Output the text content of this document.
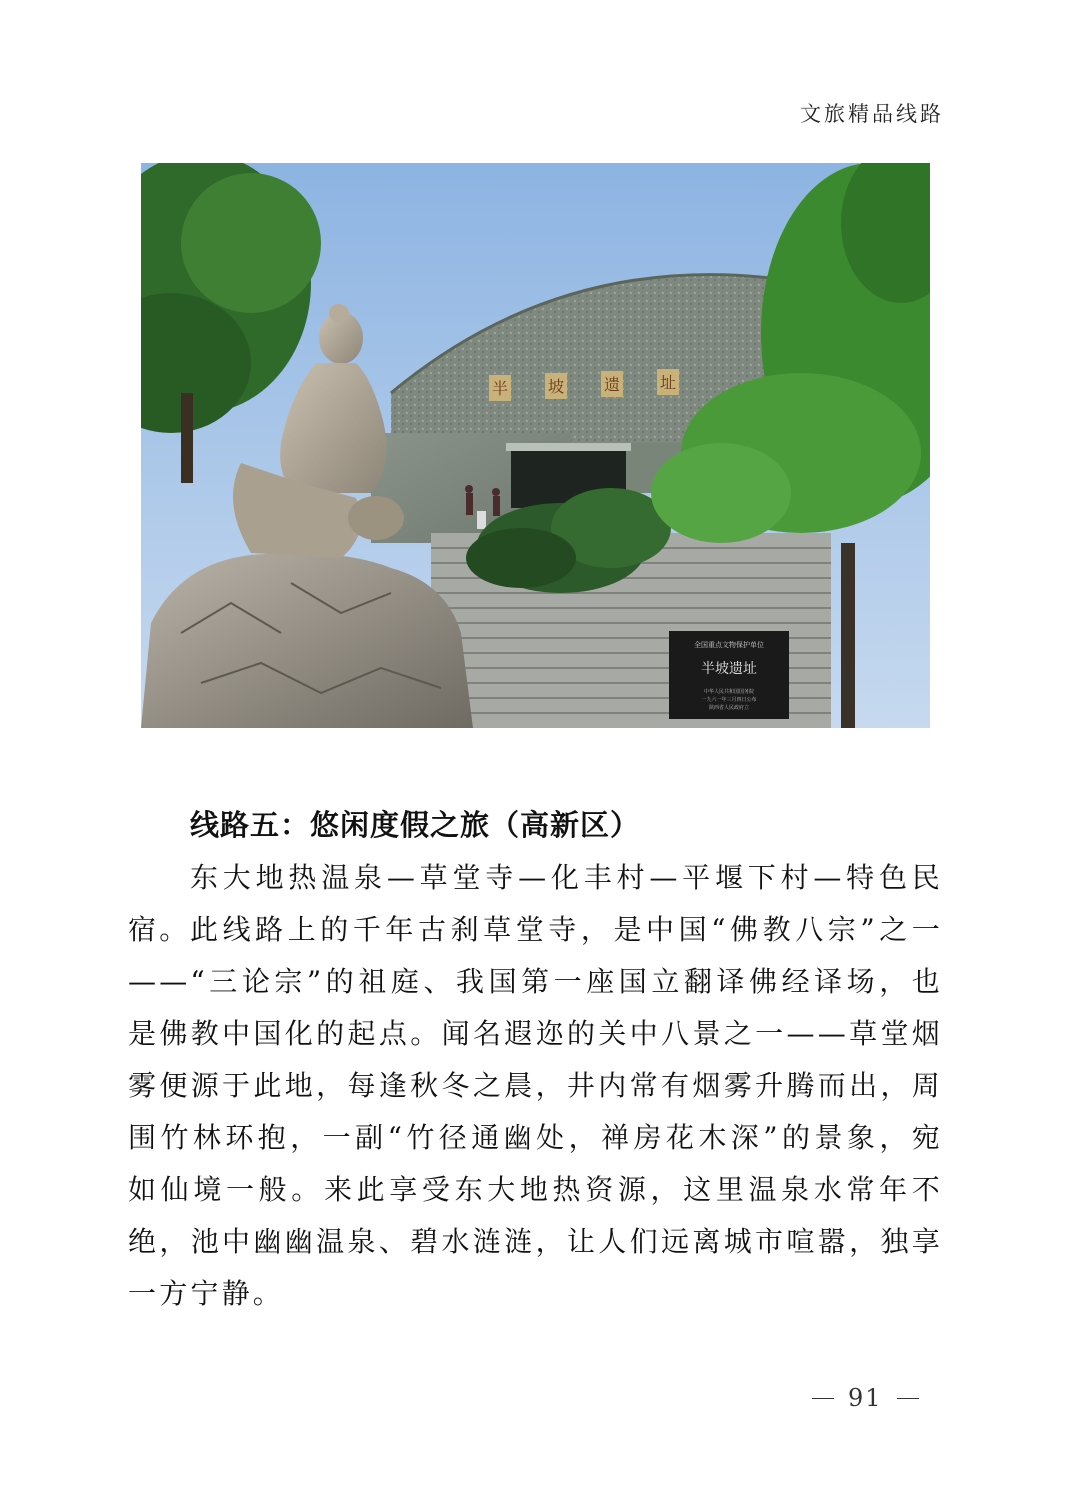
文旅精品线路
半 坡 遗 址
全国重点文物保护单位
半坡遗址
中华人民共和国国务院
一九六一年三月四日公布
陕西省人民政府立
线路五：悠闲度假之旅（高新区）

东大地热温泉—草堂寺—化丰村—平堰下村—特色民宿。 此线路上的千年古刹草堂寺，是中国“佛教八宗”之一——“三论宗”的祖庭、我国第一座国立翻译佛经译场，也是佛教中国化的起点。闻名遐迩的关中八景之一——草堂烟雾便源于此地，每逢秋冬之晨，井内常有烟雾升腾而出，周围竹林环抱，一副“竹径通幽处，禅房花木深”的景象，宛如仙境一般。来此享受东大地热资源，这里温泉水常年不绝，池中幽幽温泉、碧水涟涟，让人们远离城市喧嚣，独享一方宁静。

91
